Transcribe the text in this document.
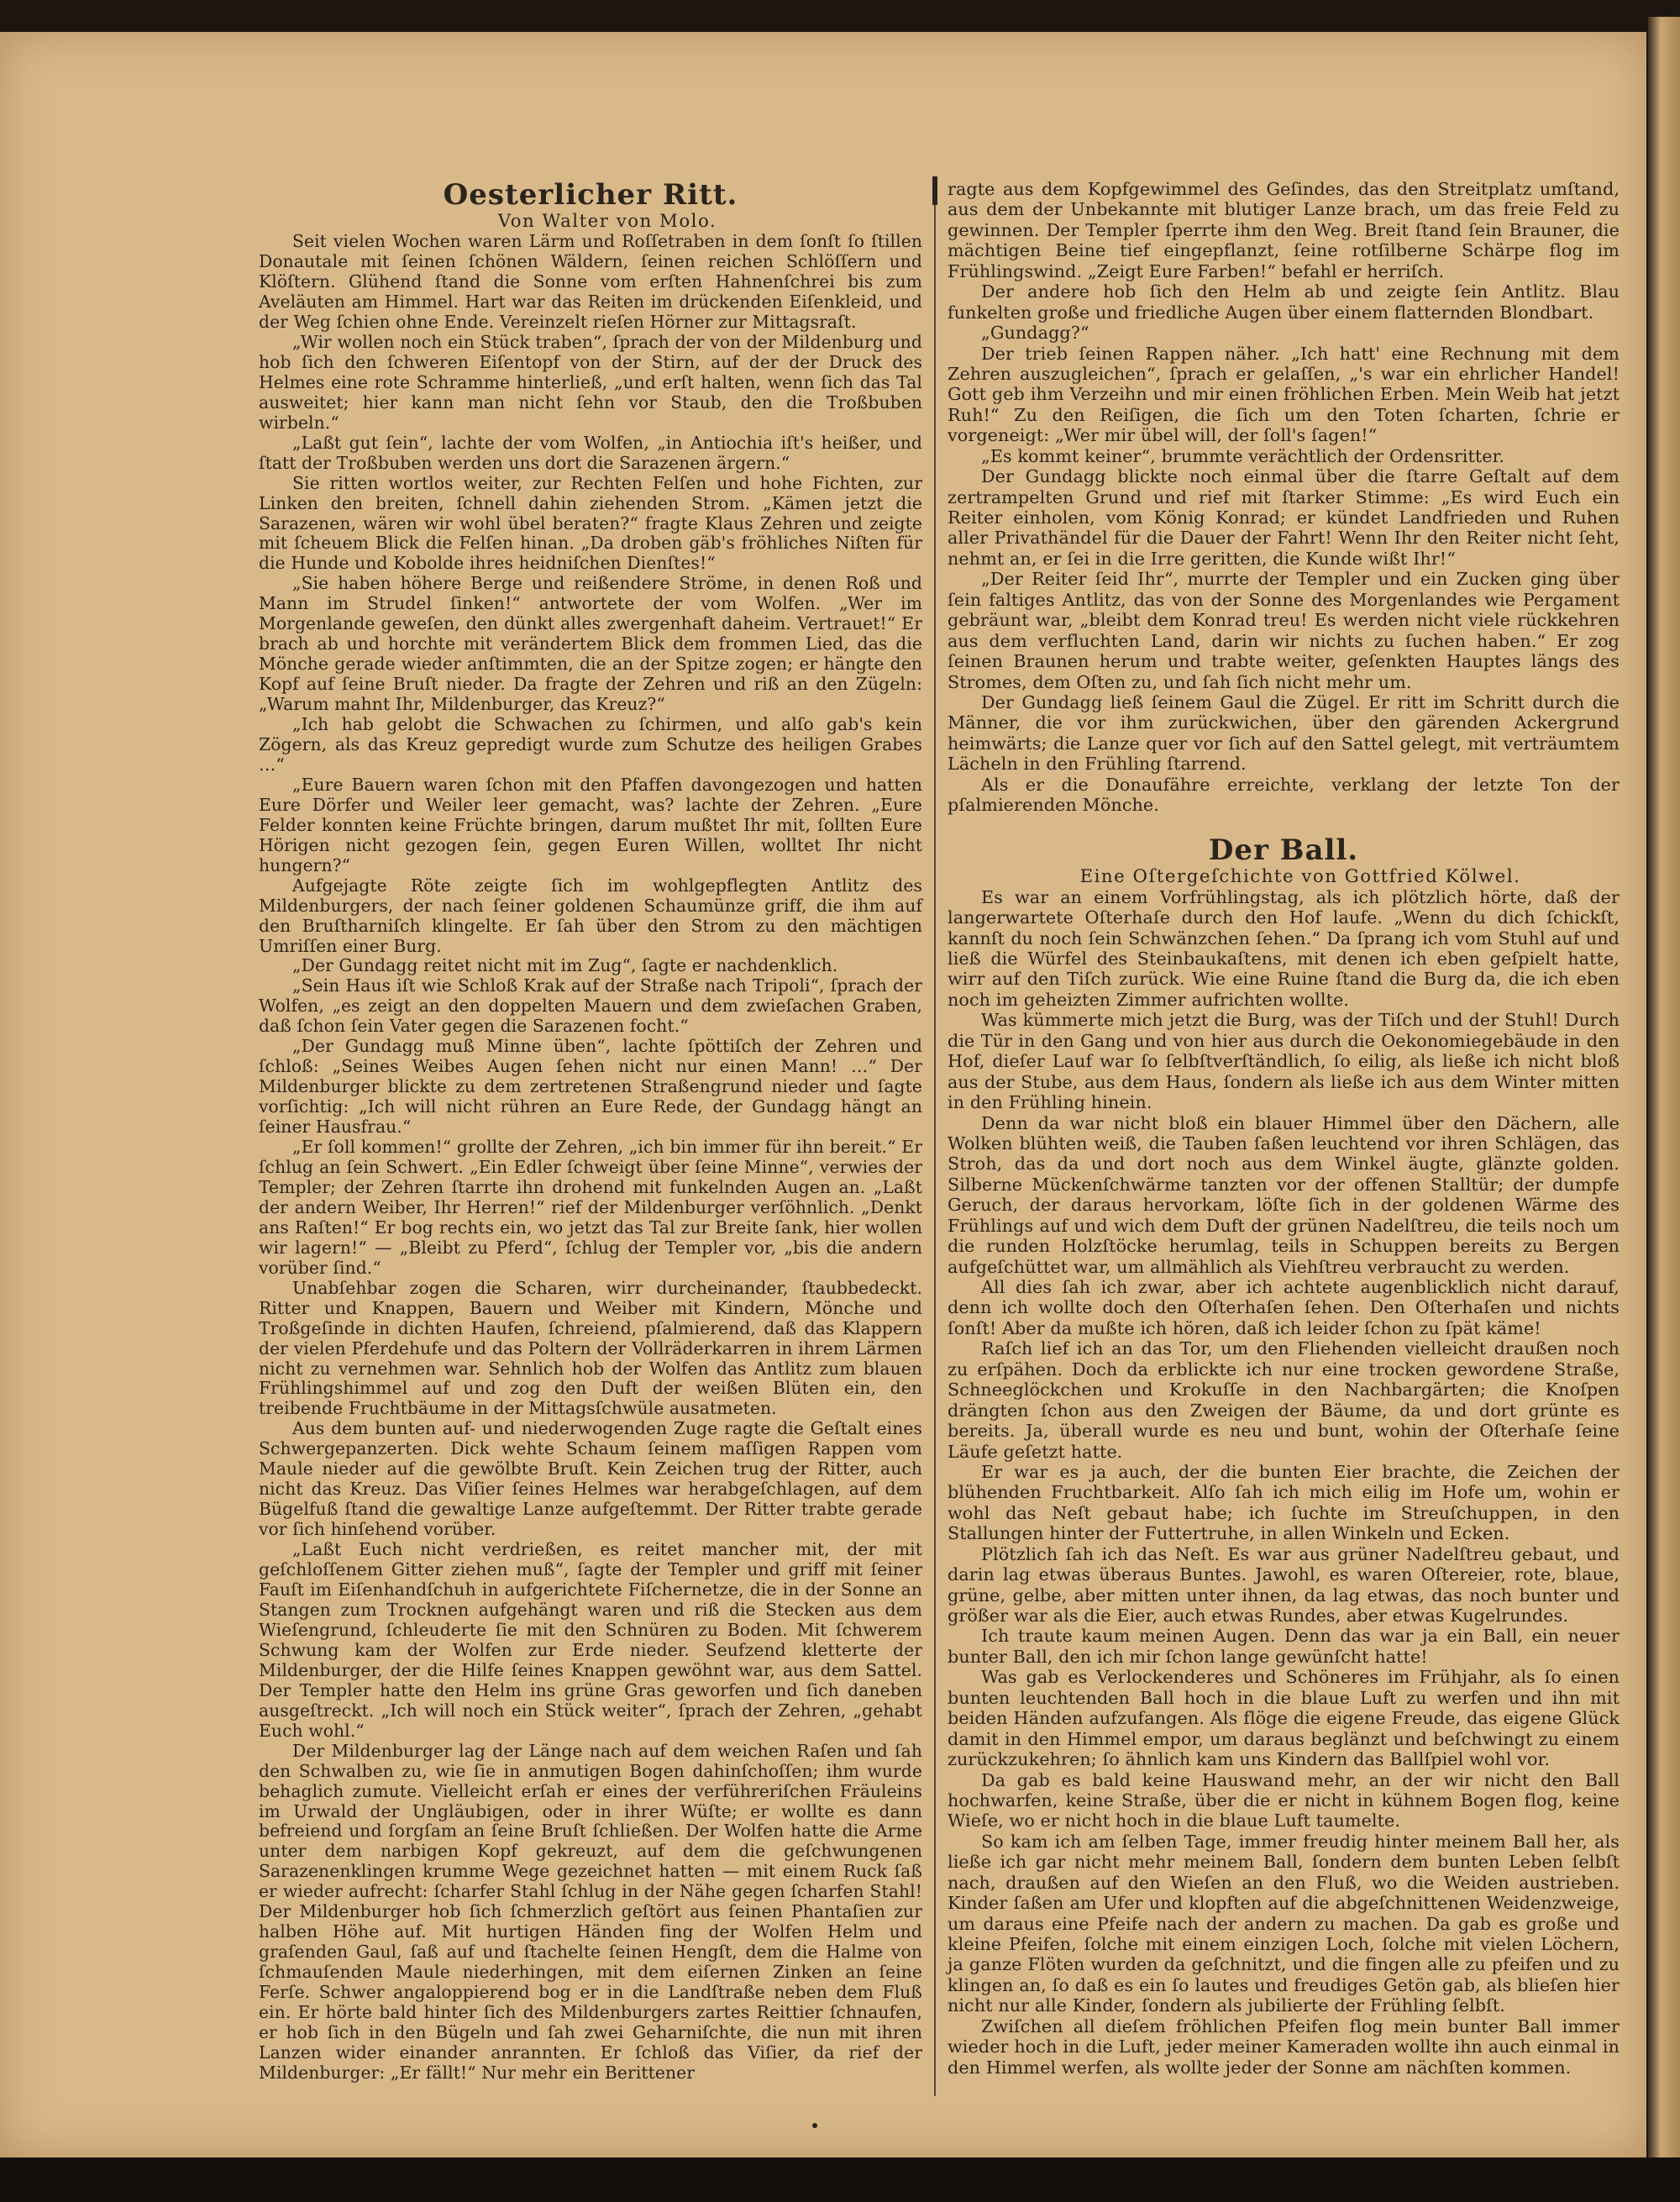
Oesterlicher Ritt.

Von Walter von Molo.

Seit vielen Wochen waren Lärm und Roſſetraben in dem ſonſt ſo ſtillen Donautale mit ſeinen ſchönen Wäldern, ſeinen reichen Schlöſſern und Klöſtern. Glühend ſtand die Sonne vom erſten Hahnenſchrei bis zum Aveläuten am Himmel. Hart war das Reiten im drückenden Eiſenkleid, und der Weg ſchien ohne Ende. Vereinzelt rieſen Hörner zur Mittagsraſt.

„Wir wollen noch ein Stück traben“, ſprach der von der Mildenburg und hob ſich den ſchweren Eiſentopf von der Stirn, auf der der Druck des Helmes eine rote Schramme hinterließ, „und erſt halten, wenn ſich das Tal ausweitet; hier kann man nicht ſehn vor Staub, den die Troßbuben wirbeln.“

„Laßt gut ſein“, lachte der vom Wolfen, „in Antiochia iſt's heißer, und ſtatt der Troßbuben werden uns dort die Sarazenen ärgern.“

Sie ritten wortlos weiter, zur Rechten Felſen und hohe Fichten, zur Linken den breiten, ſchnell dahin ziehenden Strom. „Kämen jetzt die Sarazenen, wären wir wohl übel beraten?“ fragte Klaus Zehren und zeigte mit ſcheuem Blick die Felſen hinan. „Da droben gäb's fröhliches Niſten für die Hunde und Kobolde ihres heidniſchen Dienſtes!“

„Sie haben höhere Berge und reißendere Ströme, in denen Roß und Mann im Strudel ſinken!“ antwortete der vom Wolfen. „Wer im Morgenlande geweſen, den dünkt alles zwergenhaft daheim. Vertrauet!“ Er brach ab und horchte mit verändertem Blick dem frommen Lied, das die Mönche gerade wieder anſtimmten, die an der Spitze zogen; er hängte den Kopf auf ſeine Bruſt nieder. Da fragte der Zehren und riß an den Zügeln: „Warum mahnt Ihr, Mildenburger, das Kreuz?“

„Ich hab gelobt die Schwachen zu ſchirmen, und alſo gab's kein Zögern, als das Kreuz gepredigt wurde zum Schutze des heiligen Grabes …“

„Eure Bauern waren ſchon mit den Pfaffen davongezogen und hatten Eure Dörfer und Weiler leer gemacht, was? lachte der Zehren. „Eure Felder konnten keine Früchte bringen, darum mußtet Ihr mit, ſollten Eure Hörigen nicht gezogen ſein, gegen Euren Willen, wolltet Ihr nicht hungern?“

Aufgejagte Röte zeigte ſich im wohlgepflegten Antlitz des Mildenburgers, der nach ſeiner goldenen Schaumünze griff, die ihm auf den Bruſtharniſch klingelte. Er ſah über den Strom zu den mächtigen Umriſſen einer Burg.

„Der Gundagg reitet nicht mit im Zug“, ſagte er nachdenklich.

„Sein Haus iſt wie Schloß Krak auf der Straße nach Tripoli“, ſprach der Wolfen, „es zeigt an den doppelten Mauern und dem zwieſachen Graben, daß ſchon ſein Vater gegen die Sarazenen focht.“

„Der Gundagg muß Minne üben“, lachte ſpöttiſch der Zehren und ſchloß: „Seines Weibes Augen ſehen nicht nur einen Mann! …“ Der Mildenburger blickte zu dem zertretenen Straßengrund nieder und ſagte vorſichtig: „Ich will nicht rühren an Eure Rede, der Gundagg hängt an ſeiner Hausfrau.“

„Er ſoll kommen!“ grollte der Zehren, „ich bin immer für ihn bereit.“ Er ſchlug an ſein Schwert. „Ein Edler ſchweigt über ſeine Minne“, verwies der Templer; der Zehren ſtarrte ihn drohend mit funkelnden Augen an. „Laßt der andern Weiber, Ihr Herren!“ rief der Mildenburger verſöhnlich. „Denkt ans Raſten!“ Er bog rechts ein, wo jetzt das Tal zur Breite ſank, hier wollen wir lagern!“ — „Bleibt zu Pferd“, ſchlug der Templer vor, „bis die andern vorüber ſind.“

Unabſehbar zogen die Scharen, wirr durcheinander, ſtaubbedeckt. Ritter und Knappen, Bauern und Weiber mit Kindern, Mönche und Troßgeſinde in dichten Haufen, ſchreiend, pſalmierend, daß das Klappern der vielen Pferdehufe und das Poltern der Vollräderkarren in ihrem Lärmen nicht zu vernehmen war. Sehnlich hob der Wolfen das Antlitz zum blauen Frühlingshimmel auf und zog den Duft der weißen Blüten ein, den treibende Fruchtbäume in der Mittagsſchwüle ausatmeten.

Aus dem bunten auf- und niederwogenden Zuge ragte die Geſtalt eines Schwergepanzerten. Dick wehte Schaum ſeinem maſſigen Rappen vom Maule nieder auf die gewölbte Bruſt. Kein Zeichen trug der Ritter, auch nicht das Kreuz. Das Viſier ſeines Helmes war herabgeſchlagen, auf dem Bügelfuß ſtand die gewaltige Lanze aufgeſtemmt. Der Ritter trabte gerade vor ſich hinſehend vorüber.

„Laßt Euch nicht verdrießen, es reitet mancher mit, der mit geſchloſſenem Gitter ziehen muß“, ſagte der Templer und griff mit ſeiner Fauſt im Eiſenhandſchuh in aufgerichtete Fiſchernetze, die in der Sonne an Stangen zum Trocknen aufgehängt waren und riß die Stecken aus dem Wieſengrund, ſchleuderte ſie mit den Schnüren zu Boden. Mit ſchwerem Schwung kam der Wolfen zur Erde nieder. Seufzend kletterte der Mildenburger, der die Hilfe ſeines Knappen gewöhnt war, aus dem Sattel. Der Templer hatte den Helm ins grüne Gras geworfen und ſich daneben ausgeſtreckt. „Ich will noch ein Stück weiter“, ſprach der Zehren, „gehabt Euch wohl.“

Der Mildenburger lag der Länge nach auf dem weichen Raſen und ſah den Schwalben zu, wie ſie in anmutigen Bogen dahinſchoſſen; ihm wurde behaglich zumute. Vielleicht erſah er eines der verführeriſchen Fräuleins im Urwald der Ungläubigen, oder in ihrer Wüſte; er wollte es dann befreiend und ſorgſam an ſeine Bruſt ſchließen. Der Wolfen hatte die Arme unter dem narbigen Kopf gekreuzt, auf dem die geſchwungenen Sarazenenklingen krumme Wege gezeichnet hatten — mit einem Ruck ſaß er wieder aufrecht: ſcharfer Stahl ſchlug in der Nähe gegen ſcharfen Stahl! Der Mildenburger hob ſich ſchmerzlich geſtört aus ſeinen Phantaſien zur halben Höhe auf. Mit hurtigen Händen fing der Wolfen Helm und graſenden Gaul, ſaß auf und ſtachelte ſeinen Hengſt, dem die Halme von ſchmauſenden Maule niederhingen, mit dem eiſernen Zinken an ſeine Ferſe. Schwer angaloppierend bog er in die Landſtraße neben dem Fluß ein. Er hörte bald hinter ſich des Mildenburgers zartes Reittier ſchnaufen, er hob ſich in den Bügeln und ſah zwei Geharniſchte, die nun mit ihren Lanzen wider einander anrannten. Er ſchloß das Viſier, da rief der Mildenburger: „Er fällt!“ Nur mehr ein Berittener

ragte aus dem Kopfgewimmel des Geſindes, das den Streitplatz umſtand, aus dem der Unbekannte mit blutiger Lanze brach, um das freie Feld zu gewinnen. Der Templer ſperrte ihm den Weg. Breit ſtand ſein Brauner, die mächtigen Beine tief eingepflanzt, ſeine rotſilberne Schärpe flog im Frühlingswind. „Zeigt Eure Farben!“ befahl er herriſch.

Der andere hob ſich den Helm ab und zeigte ſein Antlitz. Blau funkelten große und friedliche Augen über einem flatternden Blondbart.

„Gundagg?“

Der trieb ſeinen Rappen näher. „Ich hatt' eine Rechnung mit dem Zehren auszugleichen“, ſprach er gelaſſen, „'s war ein ehrlicher Handel! Gott geb ihm Verzeihn und mir einen fröhlichen Erben. Mein Weib hat jetzt Ruh!“ Zu den Reiſigen, die ſich um den Toten ſcharten, ſchrie er vorgeneigt: „Wer mir übel will, der ſoll's ſagen!“

„Es kommt keiner“, brummte verächtlich der Ordensritter.

Der Gundagg blickte noch einmal über die ſtarre Geſtalt auf dem zertrampelten Grund und rief mit ſtarker Stimme: „Es wird Euch ein Reiter einholen, vom König Konrad; er kündet Landfrieden und Ruhen aller Privathändel für die Dauer der Fahrt! Wenn Ihr den Reiter nicht ſeht, nehmt an, er ſei in die Irre geritten, die Kunde wißt Ihr!“

„Der Reiter ſeid Ihr“, murrte der Templer und ein Zucken ging über ſein faltiges Antlitz, das von der Sonne des Morgenlandes wie Pergament gebräunt war, „bleibt dem Konrad treu! Es werden nicht viele rückkehren aus dem verfluchten Land, darin wir nichts zu ſuchen haben.“ Er zog ſeinen Braunen herum und trabte weiter, geſenkten Hauptes längs des Stromes, dem Oſten zu, und ſah ſich nicht mehr um.

Der Gundagg ließ ſeinem Gaul die Zügel. Er ritt im Schritt durch die Männer, die vor ihm zurückwichen, über den gärenden Ackergrund heimwärts; die Lanze quer vor ſich auf den Sattel gelegt, mit verträumtem Lächeln in den Frühling ſtarrend.

Als er die Donaufähre erreichte, verklang der letzte Ton der pſalmierenden Mönche.

Der Ball.

Eine Oſtergeſchichte von Gottfried Kölwel.

Es war an einem Vorfrühlingstag, als ich plötzlich hörte, daß der langerwartete Oſterhaſe durch den Hof laufe. „Wenn du dich ſchickſt, kannſt du noch ſein Schwänzchen ſehen.“ Da ſprang ich vom Stuhl auf und ließ die Würfel des Steinbaukaſtens, mit denen ich eben geſpielt hatte, wirr auf den Tiſch zurück. Wie eine Ruine ſtand die Burg da, die ich eben noch im geheizten Zimmer aufrichten wollte.

Was kümmerte mich jetzt die Burg, was der Tiſch und der Stuhl! Durch die Tür in den Gang und von hier aus durch die Oekonomiegebäude in den Hof, dieſer Lauf war ſo ſelbſtverſtändlich, ſo eilig, als ließe ich nicht bloß aus der Stube, aus dem Haus, ſondern als ließe ich aus dem Winter mitten in den Frühling hinein.

Denn da war nicht bloß ein blauer Himmel über den Dächern, alle Wolken blühten weiß, die Tauben ſaßen leuchtend vor ihren Schlägen, das Stroh, das da und dort noch aus dem Winkel äugte, glänzte golden. Silberne Mückenſchwärme tanzten vor der offenen Stalltür; der dumpfe Geruch, der daraus hervorkam, löſte ſich in der goldenen Wärme des Frühlings auf und wich dem Duft der grünen Nadelſtreu, die teils noch um die runden Holzſtöcke herumlag, teils in Schuppen bereits zu Bergen aufgeſchüttet war, um allmählich als Viehſtreu verbraucht zu werden.

All dies ſah ich zwar, aber ich achtete augenblicklich nicht darauf, denn ich wollte doch den Oſterhaſen ſehen. Den Oſterhaſen und nichts ſonſt! Aber da mußte ich hören, daß ich leider ſchon zu ſpät käme!

Raſch lief ich an das Tor, um den Fliehenden vielleicht draußen noch zu erſpähen. Doch da erblickte ich nur eine trocken gewordene Straße, Schneeglöckchen und Krokuſſe in den Nachbargärten; die Knoſpen drängten ſchon aus den Zweigen der Bäume, da und dort grünte es bereits. Ja, überall wurde es neu und bunt, wohin der Oſterhaſe ſeine Läufe geſetzt hatte.

Er war es ja auch, der die bunten Eier brachte, die Zeichen der blühenden Fruchtbarkeit. Alſo ſah ich mich eilig im Hofe um, wohin er wohl das Neſt gebaut habe; ich ſuchte im Streuſchuppen, in den Stallungen hinter der Futtertruhe, in allen Winkeln und Ecken.

Plötzlich ſah ich das Neſt. Es war aus grüner Nadelſtreu gebaut, und darin lag etwas überaus Buntes. Jawohl, es waren Oſtereier, rote, blaue, grüne, gelbe, aber mitten unter ihnen, da lag etwas, das noch bunter und größer war als die Eier, auch etwas Rundes, aber etwas Kugelrundes.

Ich traute kaum meinen Augen. Denn das war ja ein Ball, ein neuer bunter Ball, den ich mir ſchon lange gewünſcht hatte!

Was gab es Verlockenderes und Schöneres im Frühjahr, als ſo einen bunten leuchtenden Ball hoch in die blaue Luft zu werfen und ihn mit beiden Händen aufzufangen. Als flöge die eigene Freude, das eigene Glück damit in den Himmel empor, um daraus beglänzt und beſchwingt zu einem zurückzukehren; ſo ähnlich kam uns Kindern das Ballſpiel wohl vor.

Da gab es bald keine Hauswand mehr, an der wir nicht den Ball hochwarfen, keine Straße, über die er nicht in kühnem Bogen flog, keine Wieſe, wo er nicht hoch in die blaue Luft taumelte.

So kam ich am ſelben Tage, immer freudig hinter meinem Ball her, als ließe ich gar nicht mehr meinem Ball, ſondern dem bunten Leben ſelbſt nach, draußen auf den Wieſen an den Fluß, wo die Weiden austrieben. Kinder ſaßen am Ufer und klopften auf die abgeſchnittenen Weidenzweige, um daraus eine Pfeife nach der andern zu machen. Da gab es große und kleine Pfeifen, ſolche mit einem einzigen Loch, ſolche mit vielen Löchern, ja ganze Flöten wurden da geſchnitzt, und die fingen alle zu pfeifen und zu klingen an, ſo daß es ein ſo lautes und freudiges Getön gab, als blieſen hier nicht nur alle Kinder, ſondern als jubilierte der Frühling ſelbſt.

Zwiſchen all dieſem fröhlichen Pfeifen flog mein bunter Ball immer wieder hoch in die Luft, jeder meiner Kameraden wollte ihn auch einmal in den Himmel werfen, als wollte jeder der Sonne am nächſten kommen.
